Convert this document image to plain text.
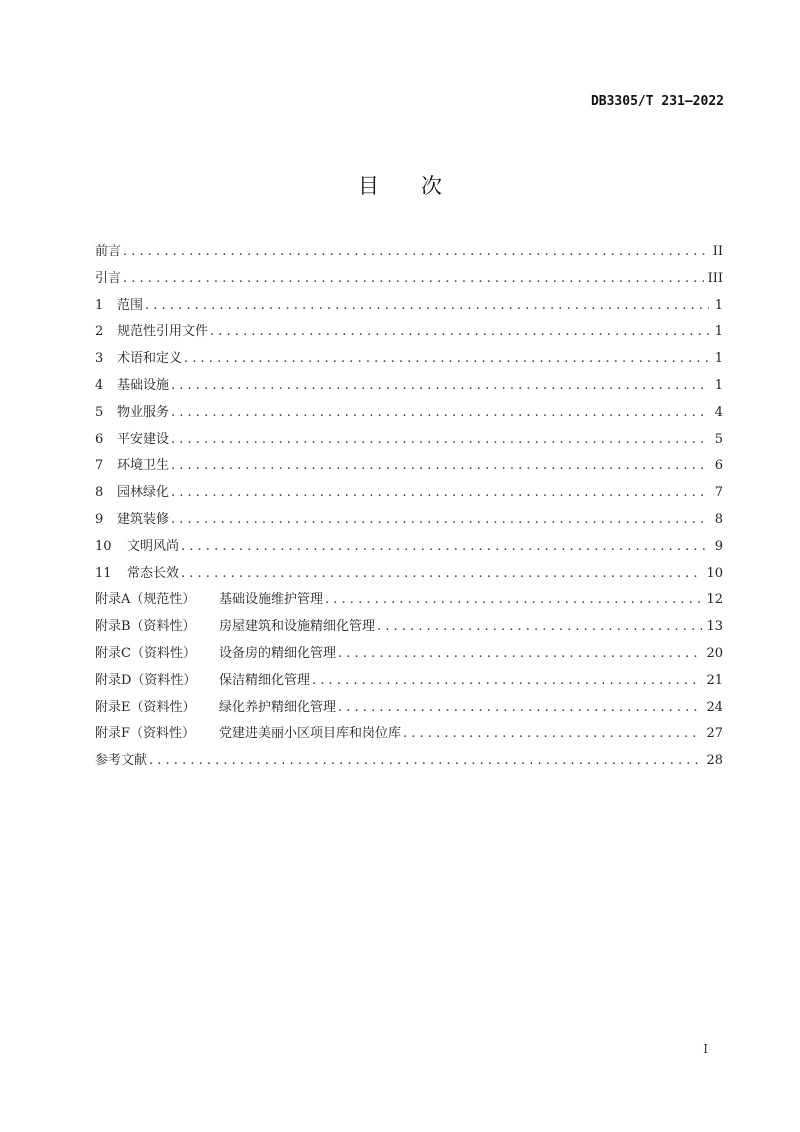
DB3305/T 231—2022
目次
前言 . . .	II
引言 . . .	III
1	范围 . . .	1
2	规范性引用文件 . . .	1
3	术语和定义 . . .	1
4	基础设施 . . .	1
5	物业服务 . . .	4
6	平安建设 . . .	5
7	环境卫生 . . .	6
8	园林绿化 . . .	7
9	建筑装修 . . .	8
10	文明风尚 . . .	9
11	常态长效 . . .	10
附录A（规范性）	基础设施维护管理 . . .	12
附录B（资料性）	房屋建筑和设施精细化管理 . . .	13
附录C（资料性）	设备房的精细化管理 . . .	20
附录D（资料性）	保洁精细化管理 . . .	21
附录E（资料性）	绿化养护精细化管理 . . .	24
附录F（资料性）	党建进美丽小区项目库和岗位库 . . .	27
参考文献 . . .	28
I
